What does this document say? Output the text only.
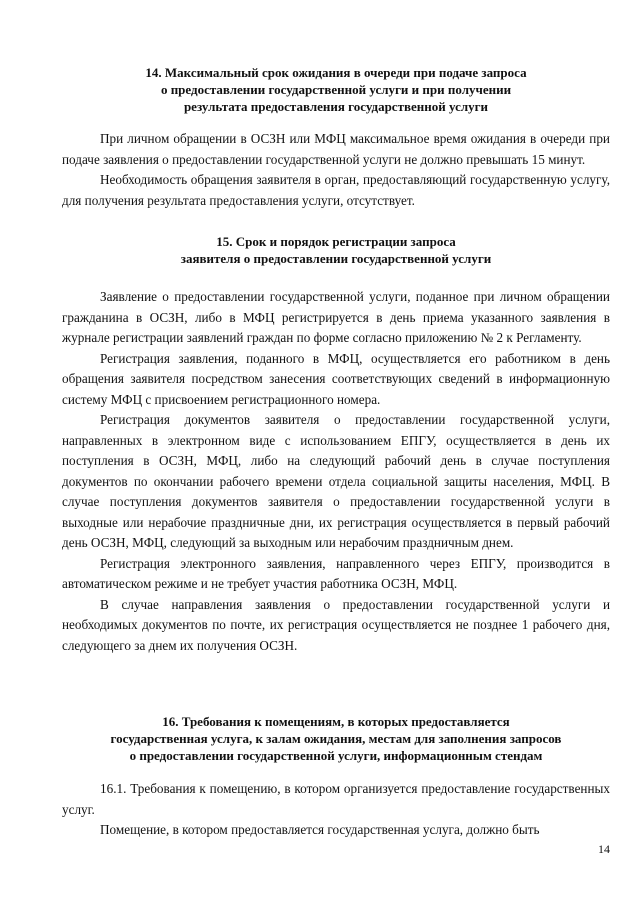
14. Максимальный срок ожидания в очереди при подаче запроса

о предоставлении государственной услуги и при получении

результата предоставления государственной услуги

При личном обращении в ОСЗН или МФЦ максимальное время ожидания в очереди при подаче заявления о предоставлении государственной услуги не должно превышать 15 минут.

Необходимость обращения заявителя в орган, предоставляющий государственную услугу, для получения результата предоставления услуги, отсутствует.

15. Срок и порядок регистрации запроса

заявителя о предоставлении государственной услуги

Заявление о предоставлении государственной услуги, поданное при личном обращении гражданина в ОСЗН, либо в МФЦ регистрируется в день приема указанного заявления в журнале регистрации заявлений граждан по форме согласно приложению № 2 к Регламенту.

Регистрация заявления, поданного в МФЦ, осуществляется его работником в день обращения заявителя посредством занесения соответствующих сведений в информационную систему МФЦ с присвоением регистрационного номера.

Регистрация документов заявителя о предоставлении государственной услуги, направленных в электронном виде с использованием ЕПГУ, осуществляется в день их поступления в ОСЗН, МФЦ, либо на следующий рабочий день в случае поступления документов по окончании рабочего времени отдела социальной защиты населения, МФЦ. В случае поступления документов заявителя о предоставлении государственной услуги в выходные или нерабочие праздничные дни, их регистрация осуществляется в первый рабочий день ОСЗН, МФЦ, следующий за выходным или нерабочим праздничным днем.

Регистрация электронного заявления, направленного через ЕПГУ, производится в автоматическом режиме и не требует участия работника ОСЗН, МФЦ.

В случае направления заявления о предоставлении государственной услуги и необходимых документов по почте, их регистрация осуществляется не позднее 1 рабочего дня, следующего за днем их получения ОСЗН.

16. Требования к помещениям, в которых предоставляется

государственная услуга, к залам ожидания, местам для заполнения запросов

о предоставлении государственной услуги, информационным стендам

16.1. Требования к помещению, в котором организуется предоставление государственных услуг.

Помещение, в котором предоставляется государственная услуга, должно быть

14
